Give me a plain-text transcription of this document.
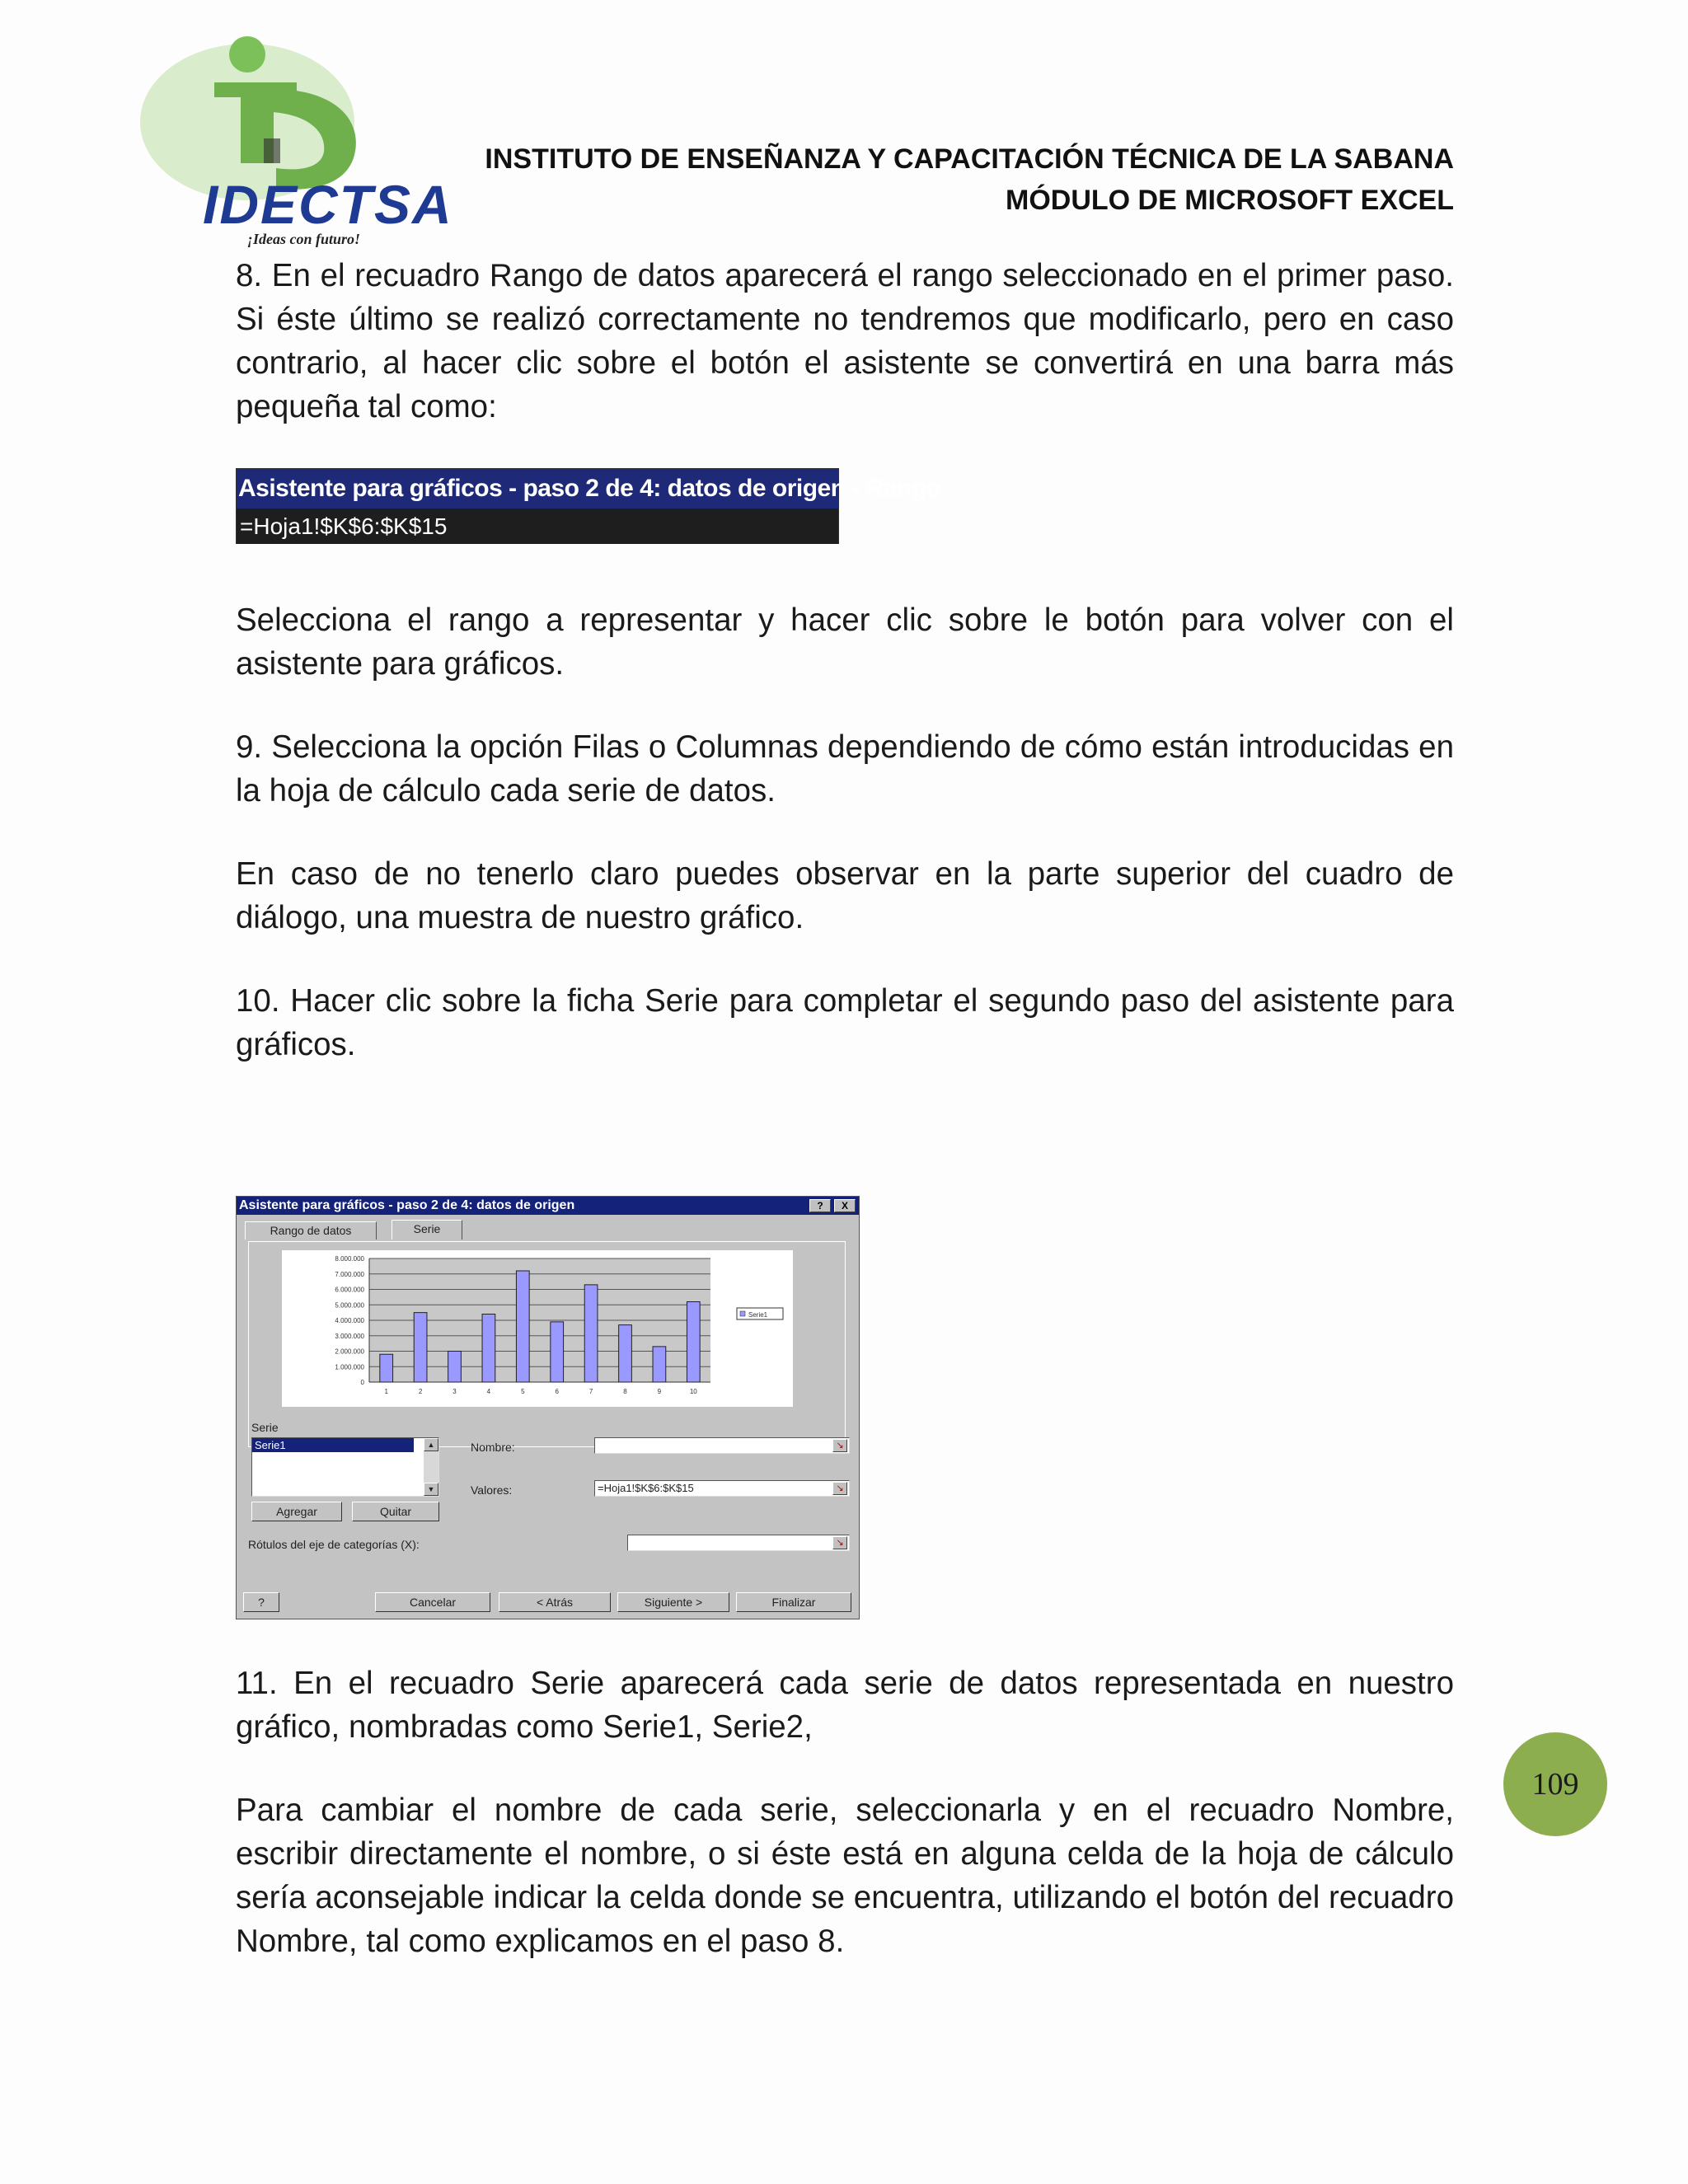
IDECTSA
¡Ideas con futuro!
INSTITUTO DE ENSEÑANZA Y CAPACITACIÓN TÉCNICA DE LA SABANA
MÓDULO DE MICROSOFT EXCEL

8. En el recuadro Rango de datos aparecerá el rango seleccionado en el primer paso. Si éste último se realizó correctamente no tendremos que modificarlo, pero en caso contrario, al hacer clic sobre el botón el asistente se convertirá en una barra más pequeña tal como:

Asistente para gráficos - paso 2 de 4: datos de origen - Rango.
=Hoja1!$K$6:$K$15

Selecciona el rango a representar y hacer clic sobre le botón para volver con el asistente para gráficos.

9. Selecciona la opción Filas o Columnas dependiendo de cómo están introducidas en la hoja de cálculo cada serie de datos.

En caso de no tenerlo claro puedes observar en la parte superior del cuadro de diálogo, una muestra de nuestro gráfico.

10. Hacer clic sobre la ficha Serie para completar el segundo paso del asistente para gráficos.

Asistente para gráficos - paso 2 de 4: datos de origen	?	X
Rango de datos	Serie
0
1.000.000
2.000.000
3.000.000
4.000.000
5.000.000
6.000.000
7.000.000
8.000.000
1	2	3	4	5	6	7	8	9	10
Serie1
Serie
Serie1	▲
▼
Nombre:	↘
Valores:	=Hoja1!$K$6:$K$15	↘
Agregar	Quitar
Rótulos del eje de categorías (X):	↘
?	Cancelar	< Atrás	Siguiente >	Finalizar

11. En el recuadro Serie aparecerá cada serie de datos representada en nuestro gráfico, nombradas como Serie1, Serie2,

Para cambiar el nombre de cada serie, seleccionarla y en el recuadro Nombre, escribir directamente el nombre, o si éste está en alguna celda de la hoja de cálculo sería aconsejable indicar la celda donde se encuentra, utilizando el botón del recuadro Nombre, tal como explicamos en el paso 8.

109
